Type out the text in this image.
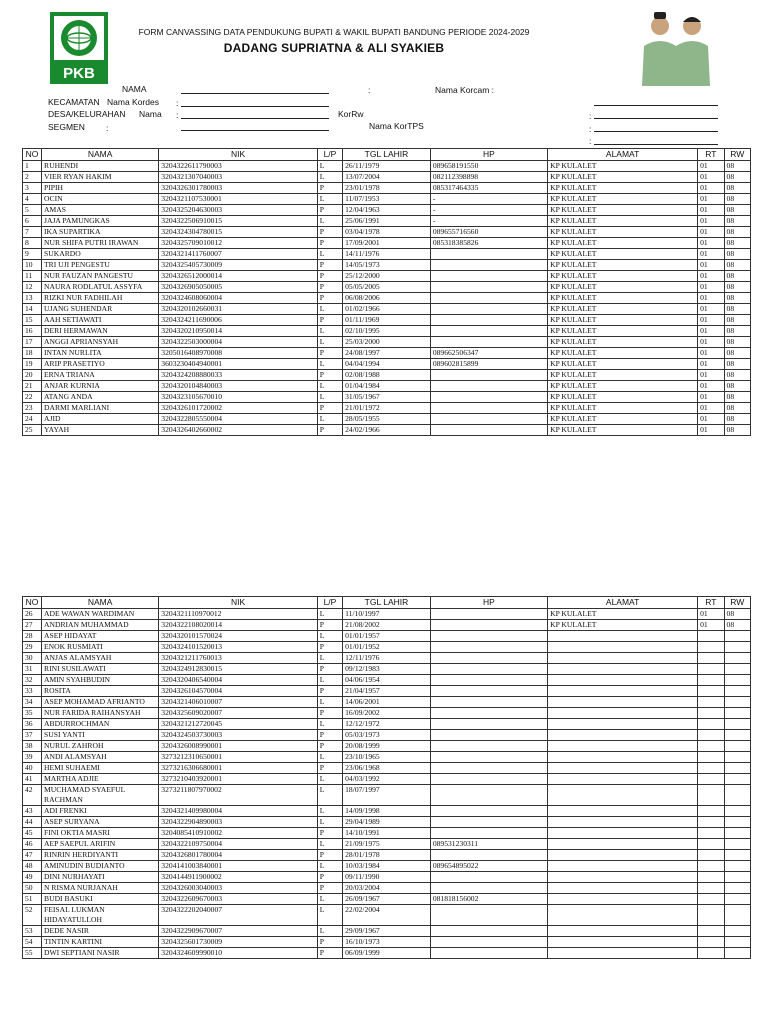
PKB
FORM CANVASSING DATA PENDUKUNG BUPATI & WAKIL BUPATI BANDUNG PERIODE 2024-2029
DADANG SUPRIATNA & ALI SYAKIEB
NAMA	:	Nama Korcam :
KECAMATAN Nama Kordes :
DESA/KELURAHAN Nama :	KorRw	:
SEGMEN :	Nama KorTPS	:
:
NO	NAMA	NIK	L/P	TGL LAHIR	HP	ALAMAT	RT	RW
1	RUHENDI	3204322611790003	L	26/11/1979	089658191550	KP KULALET	01	08
2	VIER RYAN HAKIM	3204321307040003	L	13/07/2004	082112398898	KP KULALET	01	08
3	PIPIH	3204326301780003	P	23/01/1978	085317464335	KP KULALET	01	08
4	OCIN	3204321107530001	L	11/07/1953	-	KP KULALET	01	08
5	AMAS	3204325204630003	P	12/04/1963	-	KP KULALET	01	08
6	JAJA PAMUNGKAS	3204322506910015	L	25/06/1991	-	KP KULALET	01	08
7	IKA SUPARTIKA	3204324304780015	P	03/04/1978	089655716560	KP KULALET	01	08
8	NUR SHIFA PUTRI IRAWAN	3204325709010012	P	17/09/2001	085318385826	KP KULALET	01	08
9	SUKARDO	3204321411760007	L	14/11/1976		KP KULALET	01	08
10	TRI UJI PENGESTU	3204325405730009	P	14/05/1973		KP KULALET	01	08
11	NUR FAUZAN PANGESTU	3204326512000014	P	25/12/2000		KP KULALET	01	08
12	NAURA RODLATUL ASSYFA	3204326905050005	P	05/05/2005		KP KULALET	01	08
13	RIZKI NUR FADHILAH	3204324608060004	P	06/08/2006		KP KULALET	01	08
14	UJANG SUHENDAR	3204320102660031	L	01/02/1966		KP KULALET	01	08
15	AAH SETIAWATI	3204324211690006	P	01/11/1969		KP KULALET	01	08
16	DERI HERMAWAN	3204320210950014	L	02/10/1995		KP KULALET	01	08
17	ANGGI APRIANSYAH	3204322503000004	L	25/03/2000		KP KULALET	01	08
18	INTAN NURLITA	3205016408970008	P	24/08/1997	089662506347	KP KULALET	01	08
19	ARIP PRASETIYO	3603230404940001	L	04/04/1994	089602815899	KP KULALET	01	08
20	ERNA TRIANA	3204324208880033	P	02/08/1988		KP KULALET	01	08
21	ANJAR KURNIA	3204320104840003	L	01/04/1984		KP KULALET	01	08
22	ATANG ANDA	3204323105670010	L	31/05/1967		KP KULALET	01	08
23	DARMI MARLIANI	3204326101720002	P	21/01/1972		KP KULALET	01	08
24	AJID	3204322805550004	L	28/05/1955		KP KULALET	01	08
25	YAYAH	3204326402660002	P	24/02/1966		KP KULALET	01	08
NO	NAMA	NIK	L/P	TGL LAHIR	HP	ALAMAT	RT	RW
26	ADE WAWAN WARDIMAN	3204321110970012	L	11/10/1997		KP KULALET	01	08
27	ANDRIAN MUHAMMAD	3204322108020014	P	21/08/2002		KP KULALET	01	08
28	ASEP HIDAYAT	3204320101570024	L	01/01/1957				
29	ENOK RUSMIATI	3204324101520013	P	01/01/1952				
30	ANJAS ALAMSYAH	3204321211760013	L	12/11/1976				
31	RINI SUSILAWATI	3204324912830015	P	09/12/1983				
32	AMIN SYAHBUDIN	3204320406540004	L	04/06/1954				
33	ROSITA	3204326104570004	P	21/04/1957				
34	ASEP MOHAMAD AFRIANTO	3204321406010007	L	14/06/2001				
35	NUR FARIDA RAIHANSYAH	3204325609020007	P	16/09/2002				
36	ABDURROCHMAN	3204321212720045	L	12/12/1972				
37	SUSI YANTI	3204324503730003	P	05/03/1973				
38	NURUL ZAHROH	3204326008990001	P	20/08/1999				
39	ANDI ALAMSYAH	3273212310650001	L	23/10/1965				
40	HEMI SUHAEMI	3273216306680001	P	23/06/1968				
41	MARTHA ADJIE	3273210403920001	L	04/03/1992				
42	MUCHAMAD SYAEFUL RACHMAN	3273211807970002	L	18/07/1997				
43	ADI FRENKI	3204321409980004	L	14/09/1998				
44	ASEP SURYANA	3204322904890003	L	29/04/1989				
45	FINI OKTIA MASRI	3204085410910002	P	14/10/1991				
46	AEP SAEPUL ARIFIN	3204322109750004	L	21/09/1975	089531230311			
47	RINRIN HERDIYANTI	3204326801780004	P	28/01/1978				
48	AMINUDIN BUDIANTO	3204141003840001	L	10/03/1984	089654895022			
49	DINI NURHAYATI	3204144911900002	P	09/11/1990				
50	N RISMA NURJANAH	3204326003040003	P	20/03/2004				
51	BUDI BASUKI	3204322609670003	L	26/09/1967	081818156002			
52	FEISAL LUKMAN HIDAYATULLOH	3204322202040007	L	22/02/2004				
53	DEDE NASIR	3204322909670007	L	29/09/1967				
54	TINTIN KARTINI	3204325601730009	P	16/10/1973				
55	DWI SEPTIANI NASIR	3204324609990010	P	06/09/1999				
